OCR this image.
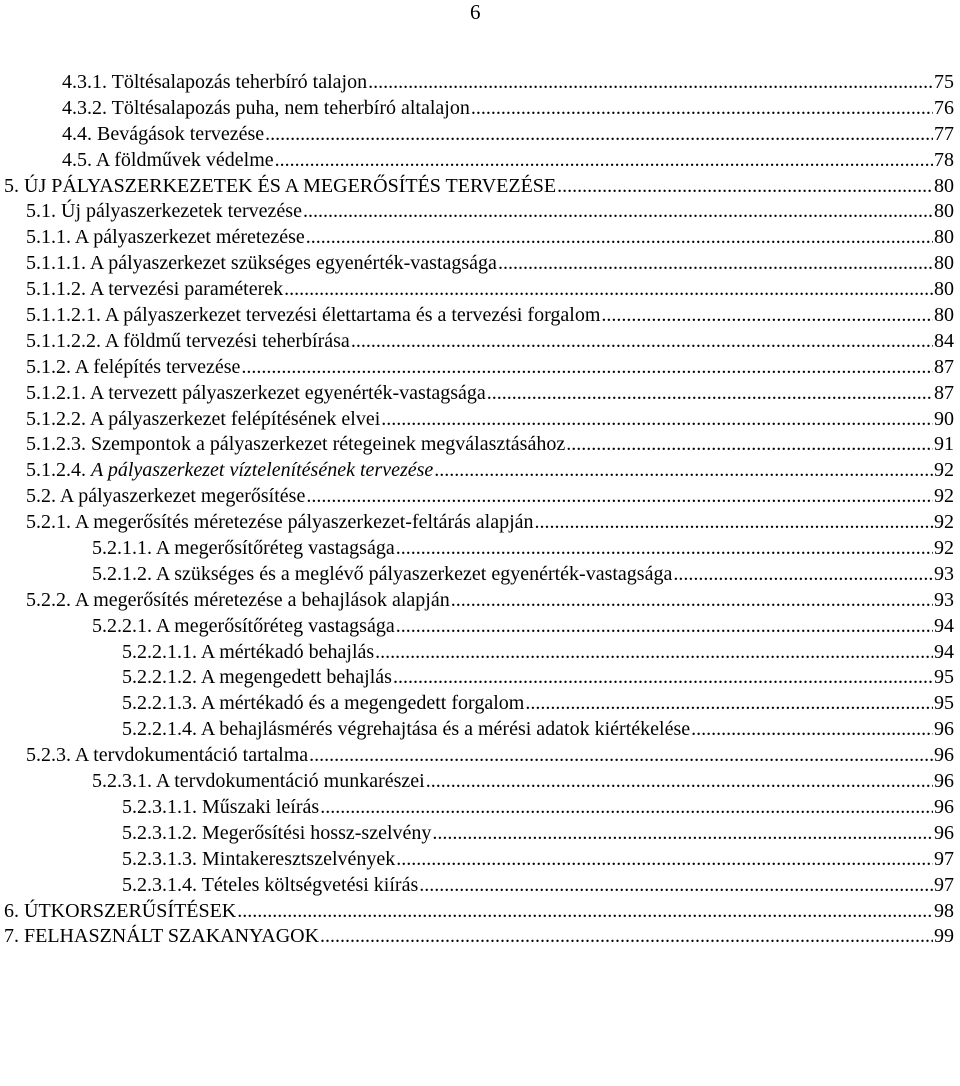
6
4.3.1. Töltésalapozás teherbíró talajon .....	75
4.3.2. Töltésalapozás puha, nem teherbíró altalajon .....	76
4.4. Bevágások tervezése .....	77
4.5. A földművek védelme .....	78
5. ÚJ PÁLYASZERKEZETEK ÉS A MEGERŐSÍTÉS TERVEZÉSE .....	80
5.1. Új pályaszerkezetek tervezése .....	80
5.1.1. A pályaszerkezet méretezése .....	80
5.1.1.1. A pályaszerkezet szükséges egyenérték-vastagsága .....	80
5.1.1.2. A tervezési paraméterek .....	80
5.1.1.2.1. A pályaszerkezet tervezési élettartama és a tervezési forgalom .....	80
5.1.1.2.2. A földmű tervezési teherbírása .....	84
5.1.2. A felépítés tervezése .....	87
5.1.2.1. A tervezett pályaszerkezet egyenérték-vastagsága .....	87
5.1.2.2. A pályaszerkezet felépítésének elvei .....	90
5.1.2.3. Szempontok a pályaszerkezet rétegeinek megválasztásához .....	91
5.1.2.4. A pályaszerkezet víztelenítésének tervezése .....	92
5.2. A pályaszerkezet megerősítése .....	92
5.2.1. A megerősítés méretezése pályaszerkezet-feltárás alapján .....	92
5.2.1.1. A megerősítőréteg vastagsága .....	92
5.2.1.2. A szükséges és a meglévő pályaszerkezet egyenérték-vastagsága .....	93
5.2.2. A megerősítés méretezése a behajlások alapján .....	93
5.2.2.1. A megerősítőréteg vastagsága .....	94
5.2.2.1.1. A mértékadó behajlás .....	94
5.2.2.1.2. A megengedett behajlás .....	95
5.2.2.1.3. A mértékadó és a megengedett forgalom .....	95
5.2.2.1.4. A behajlásmérés végrehajtása és a mérési adatok kiértékelése .....	96
5.2.3. A tervdokumentáció tartalma .....	96
5.2.3.1. A tervdokumentáció munkarészei .....	96
5.2.3.1.1. Műszaki leírás .....	96
5.2.3.1.2. Megerősítési hossz-szelvény .....	96
5.2.3.1.3. Mintakeresztszelvények .....	97
5.2.3.1.4. Tételes költségvetési kiírás .....	97
6. ÚTKORSZERŰSÍTÉSEK .....	98
7. FELHASZNÁLT SZAKANYAGOK .....	99
